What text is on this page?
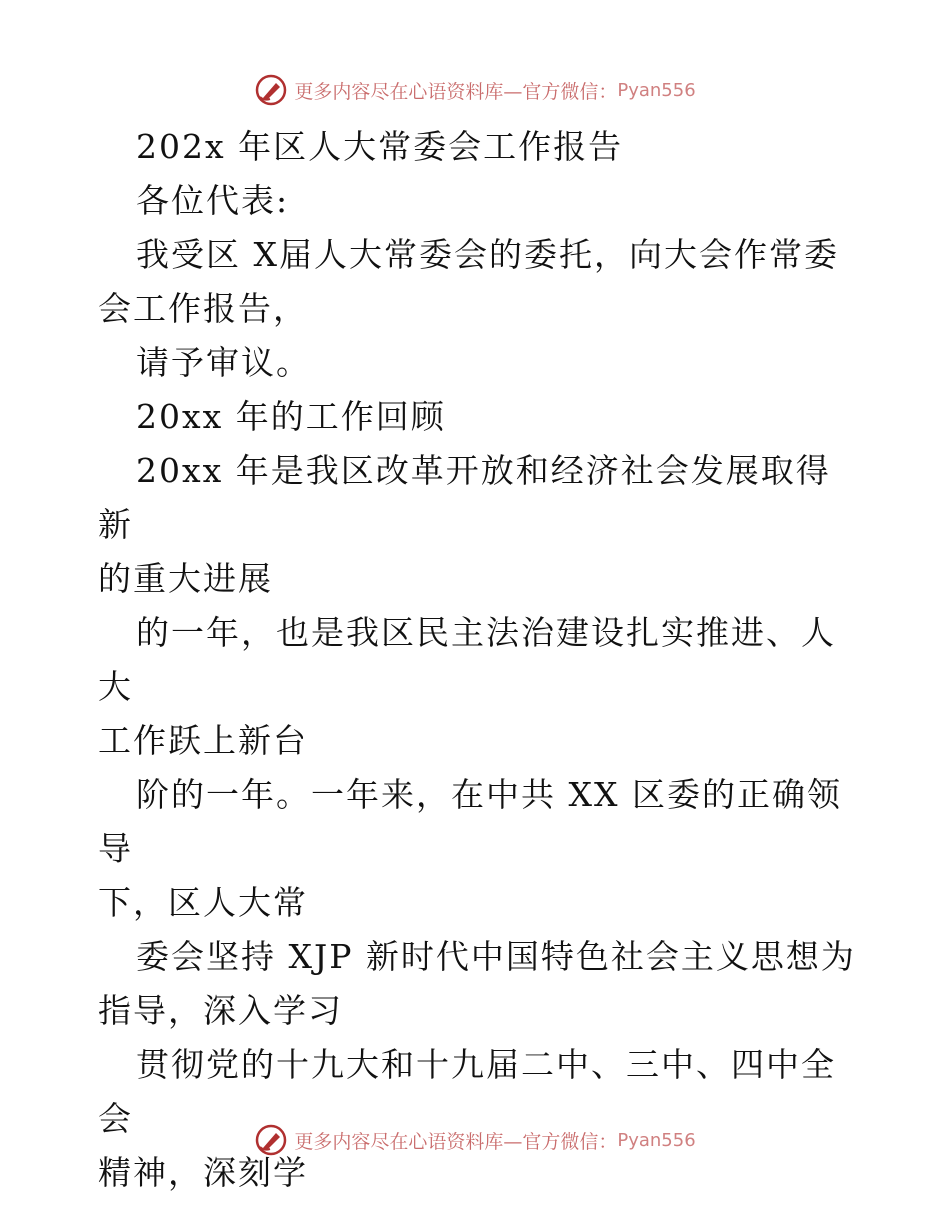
更多内容尽在心语资料库—官方微信： Pyan556

202x 年区人大常委会工作报告

各位代表:

我受区 X届人大常委会的委托，向大会作常委
会工作报告，

请予审议。

20xx 年的工作回顾

20xx 年是我区改革开放和经济社会发展取得新
的重大进展

的一年，也是我区民主法治建设扎实推进、人大
工作跃上新台

阶的一年。一年来，在中共 XX 区委的正确领导
下，区人大常

委会坚持 XJP 新时代中国特色社会主义思想为
指导，深入学习

贯彻党的十九大和十九届二中、三中、四中全会
精神，深刻学

更多内容尽在心语资料库—官方微信： Pyan556
